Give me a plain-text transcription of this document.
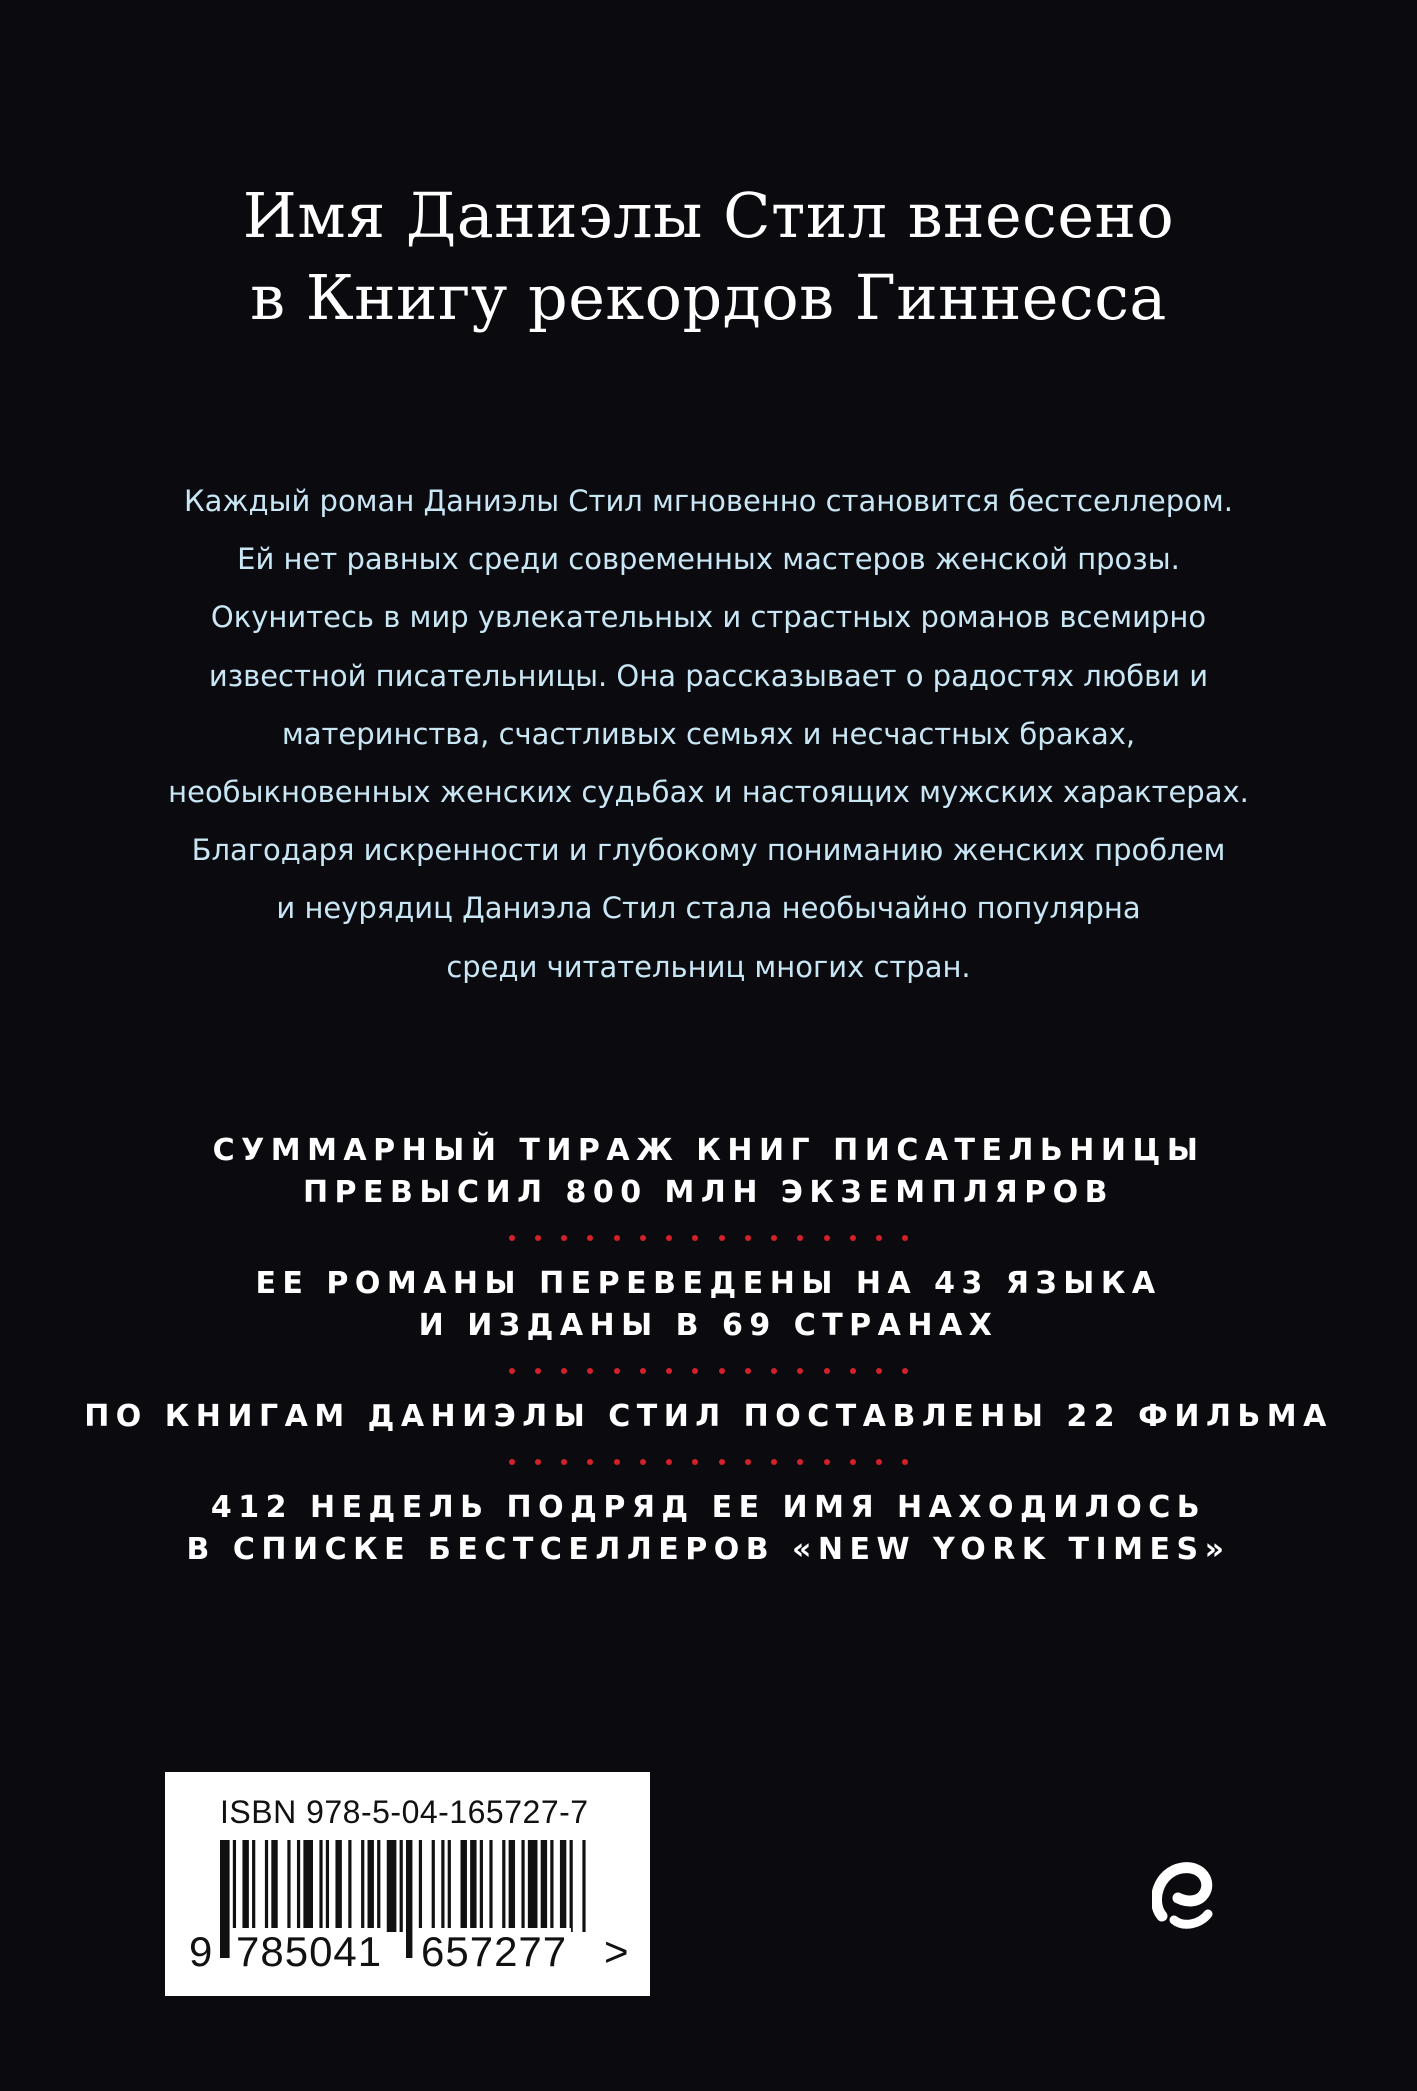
Имя Даниэлы Стил внесено
в Книгу рекордов Гиннесса
Каждый роман Даниэлы Стил мгновенно становится бестселлером.
Ей нет равных среди современных мастеров женской прозы.
Окунитесь в мир увлекательных и страстных романов всемирно
известной писательницы. Она рассказывает о радостях любви и
материнства, счастливых семьях и несчастных браках,
необыкновенных женских судьбах и настоящих мужских характерах.
Благодаря искренности и глубокому пониманию женских проблем
и неурядиц Даниэла Стил стала необычайно популярна
среди читательниц многих стран.
СУММАРНЫЙ ТИРАЖ КНИГ ПИСАТЕЛЬНИЦЫ
ПРЕВЫСИЛ 800 МЛН ЭКЗЕМПЛЯРОВ
ЕЕ РОМАНЫ ПЕРЕВЕДЕНЫ НА 43 ЯЗЫКА
И ИЗДАНЫ В 69 СТРАНАХ
ПО КНИГАМ ДАНИЭЛЫ СТИЛ ПОСТАВЛЕНЫ 22 ФИЛЬМА
412 НЕДЕЛЬ ПОДРЯД ЕЕ ИМЯ НАХОДИЛОСЬ
В СПИСКЕ БЕСТСЕЛЛЕРОВ «NEW YORK TIMES»
ISBN 978-5-04-165727-7
9 785041 657277 >
